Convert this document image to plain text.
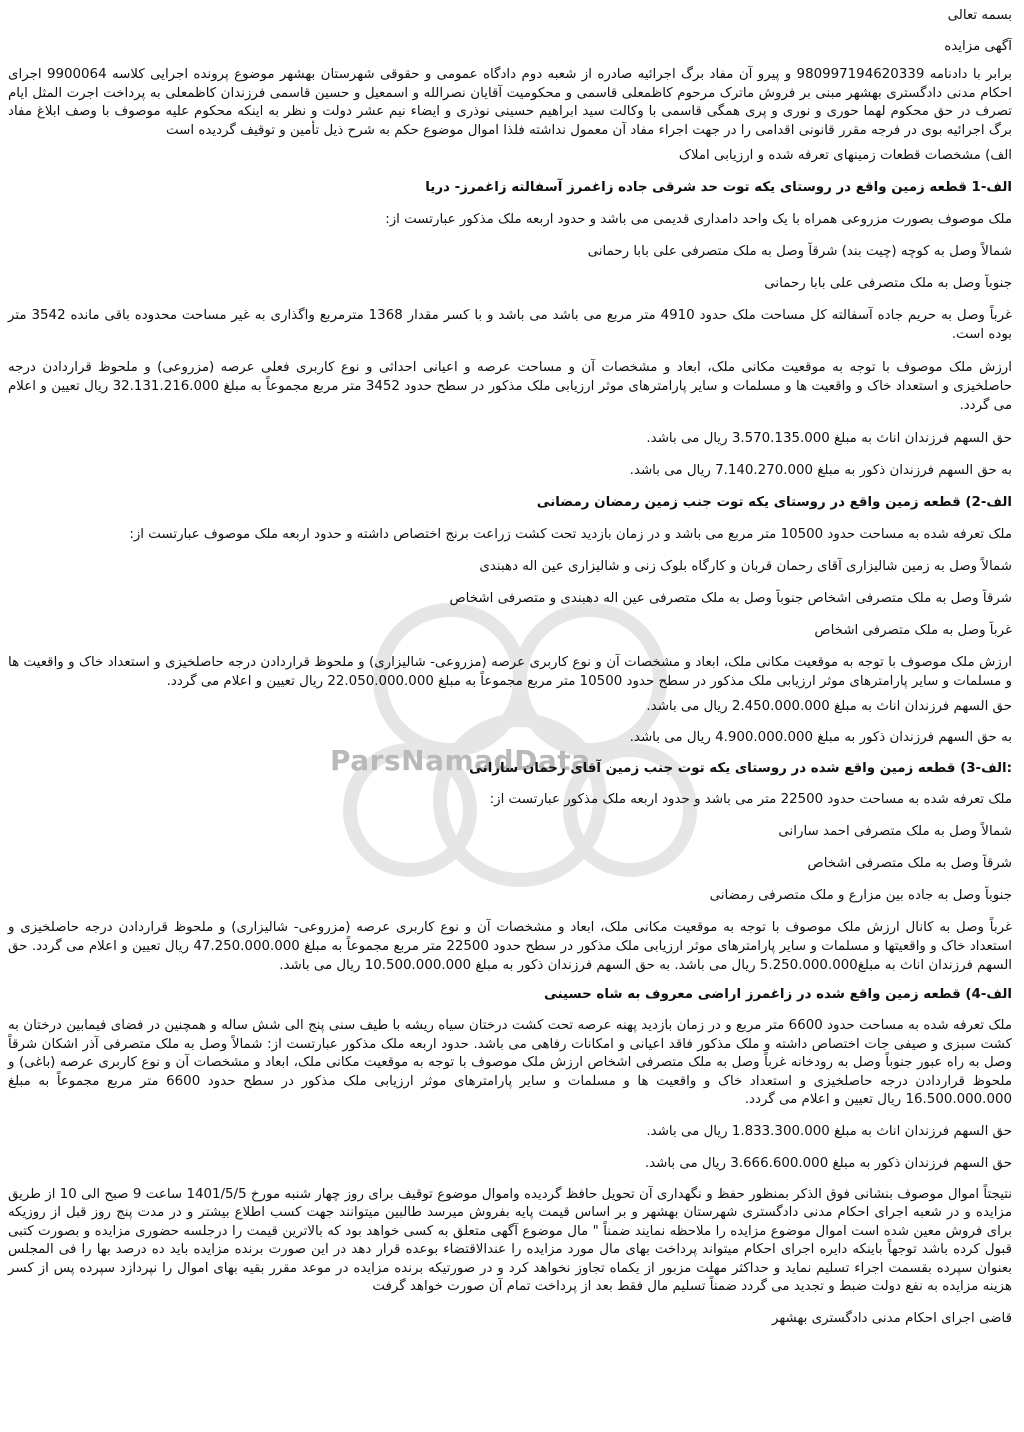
ParsNamadData
بسمه تعالی
آگهی مزایده

برابر با دادنامه 980997194620339 و پیرو آن مفاد برگ اجرائیه صادره از شعبه دوم دادگاه عمومی و حقوقی شهرستان بهشهر موضوع پرونده اجرایی کلاسه 9900064 اجرای احکام مدنی دادگستری بهشهر مبنی بر فروش ماترک مرحوم کاظمعلی قاسمی و محکومیت آقایان نصرالله و اسمعیل و حسین قاسمی فرزندان کاظمعلی به پرداخت اجرت المثل ایام تصرف در حق محکوم لهما حوری و نوری و پری همگی قاسمی با وکالت سید ابراهیم حسینی نوذری و ایضاء نیم عشر دولت و نظر به اینکه محکوم علیه موصوف با وصف ابلاغ مفاد برگ اجرائیه بوی در فرجه مقرر قانونی اقدامی را در جهت اجراء مفاد آن معمول نداشته فلذا اموال موضوع حکم به شرح ذیل تأمین و توقیف گردیده است

الف) مشخصات قطعات زمینهای تعرفه شده و ارزیابی املاک
الف-1 قطعه زمین واقع در روستای یکه توت حد شرقی جاده زاغمرز آسفالته زاغمرز- دریا
ملک موصوف بصورت مزروعی همراه با یک واحد دامداری قدیمی می باشد و حدود اربعه ملک مذکور عبارتست از:
شمالاً وصل به کوچه (چیت بند) شرقاً وصل به ملک متصرفی علی بابا رحمانی
جنوباً وصل به ملک متصرفی علی بابا رحمانی

غرباً وصل به حریم جاده آسفالته کل مساحت ملک حدود 4910 متر مربع می باشد می باشد و با کسر مقدار 1368 مترمربع واگذاری به غیر مساحت محدوده باقی مانده 3542 متر بوده است.

ارزش ملک موصوف با توجه به موقعیت مکانی ملک، ابعاد و مشخصات آن و مساحت عرصه و اعیانی احداثی و نوع کاربری فعلی عرصه (مزروعی) و ملحوظ قراردادن درجه حاصلخیزی و استعداد خاک و واقعیت ها و مسلمات و سایر پارامترهای موثر ارزیابی ملک مذکور در سطح حدود 3452 متر مربع مجموعاً به مبلغ 32.131.216.000 ریال تعیین و اعلام می گردد.

حق السهم فرزندان اناث به مبلغ 3.570.135.000 ریال می باشد.
به حق السهم فرزندان ذکور به مبلغ 7.140.270.000 ریال می باشد.
الف-2) قطعه زمین واقع در روستای یکه توت جنب زمین رمضان رمضانی
ملک تعرفه شده به مساحت حدود 10500 متر مربع می باشد و در زمان بازدید تحت کشت زراعت برنج اختصاص داشته و حدود اربعه ملک موصوف عبارتست از:
شمالاً وصل به زمین شالیزاری آقای رحمان قربان و کارگاه بلوک زنی و شالیزاری عین اله دهبندی
شرقاً وصل به ملک متصرفی اشخاص جنوباً وصل به ملک متصرفی عین اله دهبندی و متصرفی اشخاص
غرباً وصل به ملک متصرفی اشخاص

ارزش ملک موصوف با توجه به موقعیت مکانی ملک، ابعاد و مشخصات آن و نوع کاربری عرصه (مزروعی- شالیزاری) و ملحوظ قراردادن درجه حاصلخیزی و استعداد خاک و واقعیت ها و مسلمات و سایر پارامترهای موثر ارزیابی ملک مذکور در سطح حدود 10500 متر مربع مجموعاً به مبلغ 22.050.000.000 ریال تعیین و اعلام می گردد.

حق السهم فرزندان اناث به مبلغ 2.450.000.000 ریال می باشد.
به حق السهم فرزندان ذکور به مبلغ 4.900.000.000 ریال می باشد.
:الف-3) قطعه زمین واقع شده در روستای یکه توت جنب زمین آقای رحمان سارانی
ملک تعرفه شده به مساحت حدود 22500 متر می باشد و حدود اربعه ملک مذکور عبارتست از:
شمالاً وصل به ملک متصرفی احمد سارانی
شرقاً وصل به ملک متصرفی اشخاص
جنوباً وصل به جاده بین مزارع و ملک متصرفی رمضانی

غرباً وصل به کانال ارزش ملک موصوف با توجه به موقعیت مکانی ملک، ابعاد و مشخصات آن و نوع کاربری عرصه (مزروعی- شالیزاری) و ملحوظ قراردادن درجه حاصلخیزی و استعداد خاک و واقعیتها و مسلمات و سایر پارامترهای موثر ارزیابی ملک مذکور در سطح حدود 22500 متر مربع مجموعاً به مبلغ 47.250.000.000 ریال تعیین و اعلام می گردد. حق السهم فرزندان اناث به مبلغ5.250.000.000 ریال می باشد. به حق السهم فرزندان ذکور به مبلغ 10.500.000.000 ریال می باشد.

الف-4) قطعه زمین واقع شده در زاغمرز اراضی معروف به شاه حسینی

ملک تعرفه شده به مساحت حدود 6600 متر مربع و در زمان بازدید پهنه عرصه تحت کشت درختان سیاه ریشه با طیف سنی پنج الی شش ساله و همچنین در فضای فیمابین درختان به کشت سبزی و صیفی جات اختصاص داشته و ملک مذکور فاقد اعیانی و امکانات رفاهی می باشد. حدود اربعه ملک مذکور عبارتست از: شمالاً وصل به ملک متصرفی آذر اشکان شرقاً وصل به راه عبور جنوباً وصل به رودخانه غرباً وصل به ملک متصرفی اشخاص ارزش ملک موصوف با توجه به موقعیت مکانی ملک، ابعاد و مشخصات آن و نوع کاربری عرصه (باغی) و ملحوظ قراردادن درجه حاصلخیزی و استعداد خاک و واقعیت ها و مسلمات و سایر پارامترهای موثر ارزیابی ملک مذکور در سطح حدود 6600 متر مربع مجموعاً به مبلغ 16.500.000.000 ریال تعیین و اعلام می گردد.

حق السهم فرزندان اناث به مبلغ 1.833.300.000 ریال می باشد.
حق السهم فرزندان ذکور به مبلغ 3.666.600.000 ریال می باشد.

نتیجتاً اموال موصوف بنشانی فوق الذکر بمنظور حفظ و نگهداری آن تحویل حافظ گردیده واموال موضوع توقیف برای روز چهار شنبه مورخ 1401/5/5 ساعت 9 صبح الی 10 از طریق مزایده و در شعبه اجرای احکام مدنی دادگستری شهرستان بهشهر و بر اساس قیمت پایه بفروش میرسد طالبین میتوانند جهت کسب اطلاع بیشتر و در مدت پنج روز قبل از روزیکه برای فروش معین شده است اموال موضوع مزایده را ملاحظه نمایند ضمناً " مال موضوع آگهی متعلق به کسی خواهد بود که بالاترین قیمت را درجلسه حضوری مزایده و بصورت کتبی قبول کرده باشد توجهاً باینکه دایره اجرای احکام میتواند پرداخت بهای مال مورد مزایده را عندالاقتضاء بوعده قرار دهد در این صورت برنده مزایده باید ده درصد بها را فی المجلس بعنوان سپرده بقسمت اجراء تسلیم نماید و حداکثر مهلت مزبور از یکماه تجاوز نخواهد کرد و در صورتیکه برنده مزایده در موعد مقرر بقیه بهای اموال را نپردازد سپرده پس از کسر هزینه مزایده به نفع دولت ضبط و تجدید می گردد ضمناً تسلیم مال فقط بعد از پرداخت تمام آن صورت خواهد گرفت

قاضی اجرای احکام مدنی دادگستری بهشهر
